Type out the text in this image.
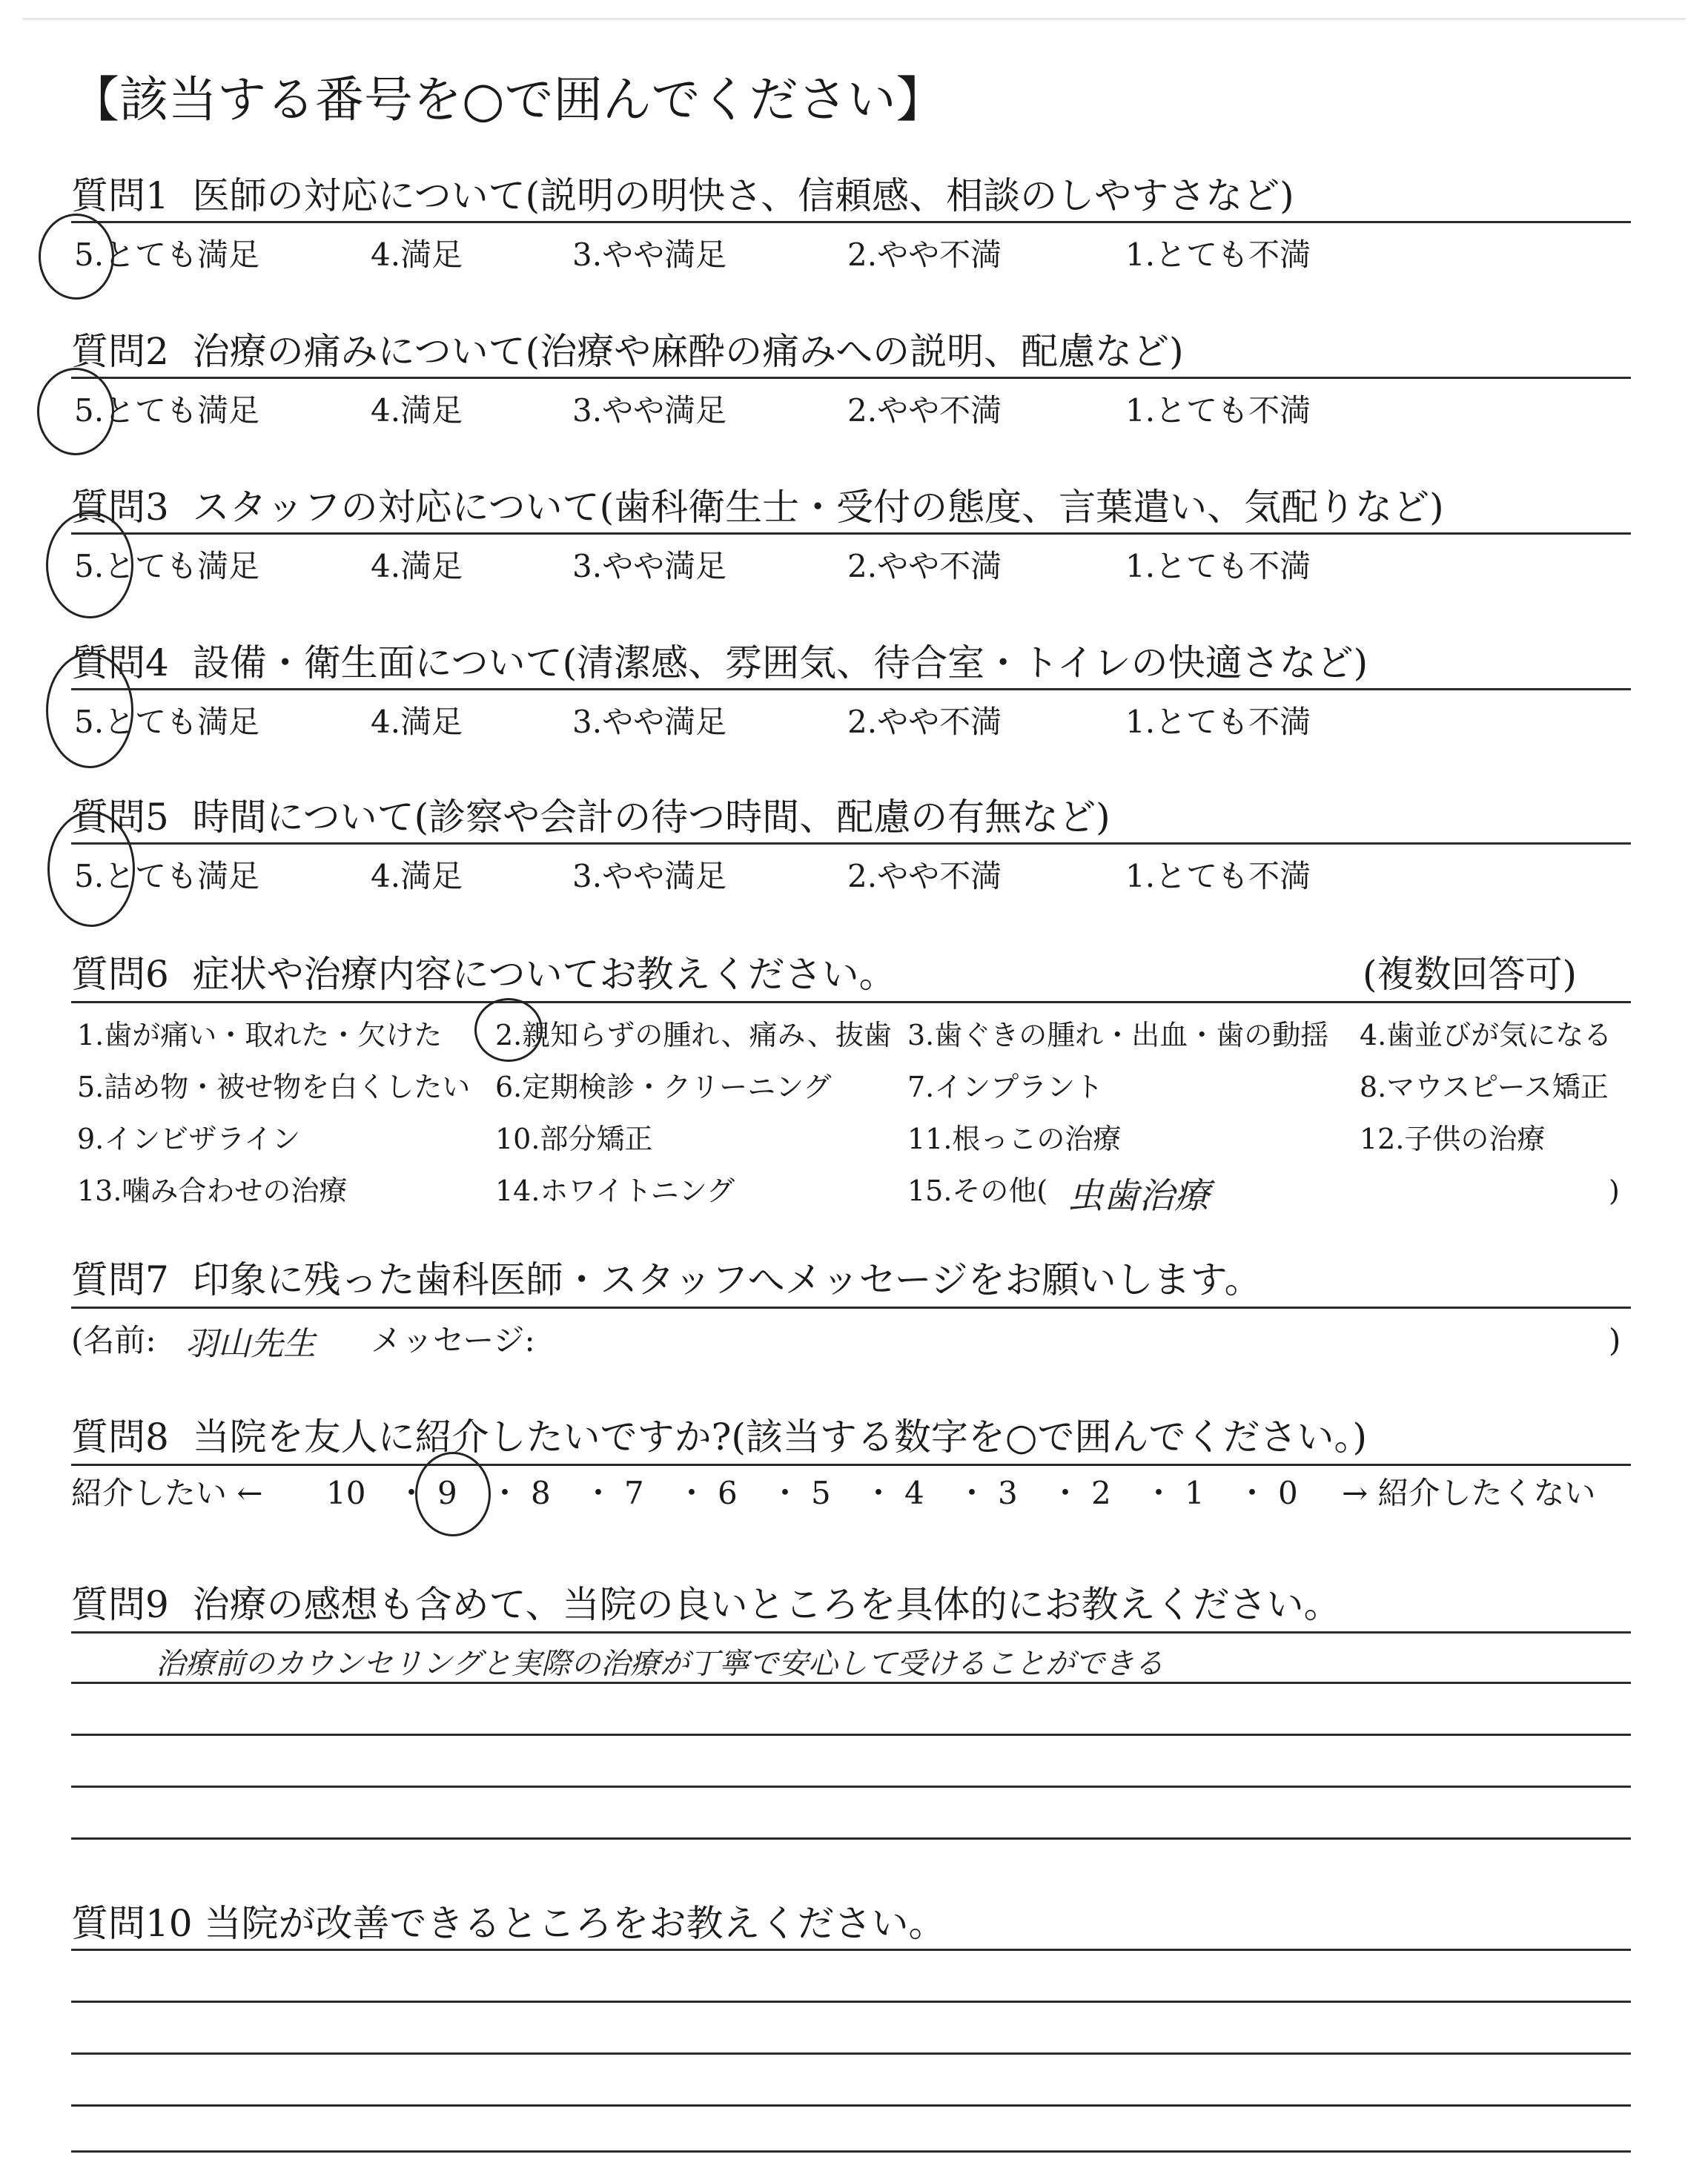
【該当する番号を○で囲んでください】
質問1 医師の対応について(説明の明快さ、信頼感、相談のしやすさなど)
5.とても満足	4.満足	3.やや満足	2.やや不満	1.とても不満
質問2 治療の痛みについて(治療や麻酔の痛みへの説明、配慮など)
5.とても満足	4.満足	3.やや満足	2.やや不満	1.とても不満
質問3 スタッフの対応について(歯科衛生士・受付の態度、言葉遣い、気配りなど)
5.とても満足	4.満足	3.やや満足	2.やや不満	1.とても不満
質問4 設備・衛生面について(清潔感、雰囲気、待合室・トイレの快適さなど)
5.とても満足	4.満足	3.やや満足	2.やや不満	1.とても不満
質問5 時間について(診察や会計の待つ時間、配慮の有無など)
5.とても満足	4.満足	3.やや満足	2.やや不満	1.とても不満
質問6 症状や治療内容についてお教えください。	(複数回答可)
1.歯が痛い・取れた・欠けた 2.親知らずの腫れ、痛み、抜歯 3.歯ぐきの腫れ・出血・歯の動揺 4.歯並びが気になる
5.詰め物・被せ物を白くしたい 6.定期検診・クリーニング	7.インプラント	8.マウスピース矯正
9.インビザライン	10.部分矯正	11.根っこの治療	12.子供の治療
13.噛み合わせの治療	14.ホワイトニング	15.その他( 虫歯治療	)
質問7 印象に残った歯科医師・スタッフへメッセージをお願いします。
(名前: 羽山先生 メッセージ:	)
質問8 当院を友人に紹介したいですか?(該当する数字を○で囲んでください。)
紹介したい ← 10 ・ 9 ・ 8 ・ 7 ・ 6 ・ 5 ・ 4 ・ 3 ・ 2 ・ 1 ・ 0 → 紹介したくない
質問9 治療の感想も含めて、当院の良いところを具体的にお教えください。
治療前のカウンセリングと実際の治療が丁寧で安心して受けることができる
質問10 当院が改善できるところをお教えください。
